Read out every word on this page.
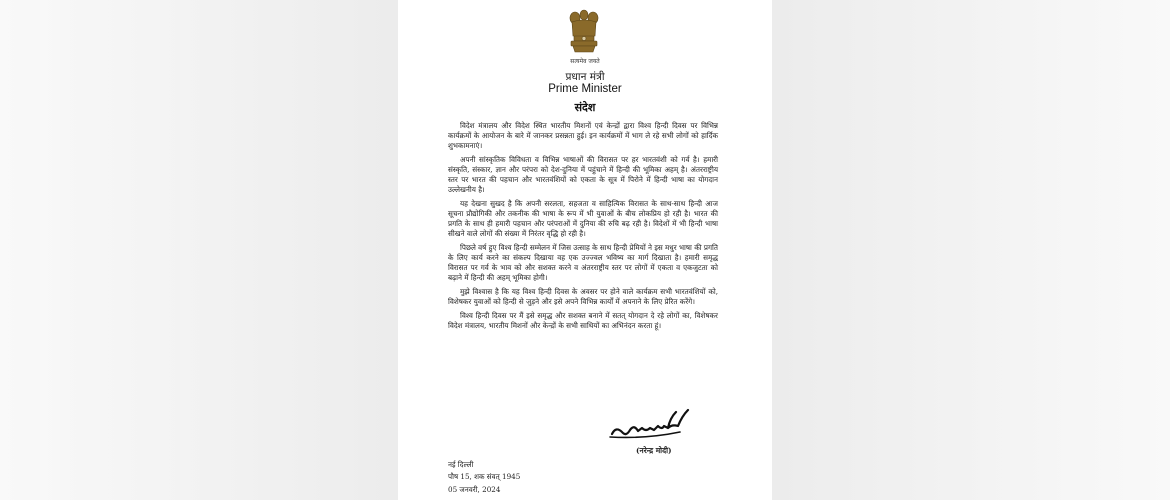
सत्यमेव जयते
प्रधान मंत्री
Prime Minister
संदेश

विदेश मंत्रालय और विदेश स्थित भारतीय मिशनों एवं केन्द्रों द्वारा विश्व हिन्दी दिवस पर विभिन्न कार्यक्रमों के आयोजन के बारे में जानकर प्रसन्नता हुई। इन कार्यक्रमों में भाग ले रहे सभी लोगों को हार्दिक शुभकामनाएं।

अपनी सांस्कृतिक विविधता व विभिन्न भाषाओं की विरासत पर हर भारतवंशी को गर्व है। हमारी संस्कृति, संस्कार, ज्ञान और परंपरा को देश-दुनिया में पहुंचाने में हिन्दी की भूमिका अहम् है। अंतरराष्ट्रीय स्तर पर भारत की पहचान और भारतवंशियों को एकता के सूत्र में पिरोने में हिन्दी भाषा का योगदान उल्लेखनीय है।

यह देखना सुखद है कि अपनी सरलता, सहजता व साहित्यिक विरासत के साथ-साथ हिन्दी आज सूचना प्रौद्योगिकी और तकनीक की भाषा के रूप में भी युवाओं के बीच लोकप्रिय हो रही है। भारत की प्रगति के साथ ही हमारी पहचान और परंपराओं में दुनिया की रुचि बढ़ रही है। विदेशों में भी हिन्दी भाषा सीखने वाले लोगों की संख्या में निरंतर वृद्धि हो रही है।

पिछले वर्ष हुए विश्व हिन्दी सम्मेलन में जिस उत्साह के साथ हिन्दी प्रेमियों ने इस मधुर भाषा की प्रगति के लिए कार्य करने का संकल्प दिखाया वह एक उज्ज्वल भविष्य का मार्ग दिखाता है। हमारी समृद्ध विरासत पर गर्व के भाव को और सशक्त करने व अंतरराष्ट्रीय स्तर पर लोगों में एकता व एकजुटता को बढ़ाने में हिन्दी की अहम् भूमिका होगी।

मुझे विश्वास है कि यह विश्व हिन्दी दिवस के अवसर पर होने वाले कार्यक्रम सभी भारतवंशियों को, विशेषकर युवाओं को हिन्दी से जुड़ने और इसे अपने विभिन्न कार्यों में अपनाने के लिए प्रेरित करेंगे।

विश्व हिन्दी दिवस पर मैं इसे समृद्ध और सशक्त बनाने में सतत् योगदान दे रहे लोगों का, विशेषकर विदेश मंत्रालय, भारतीय मिशनों और केन्द्रों के सभी साथियों का अभिनंदन करता हूं।

(नरेन्द्र मोदी)
नई दिल्ली
पौष 15, शक संवत् 1945
05 जनवरी, 2024
